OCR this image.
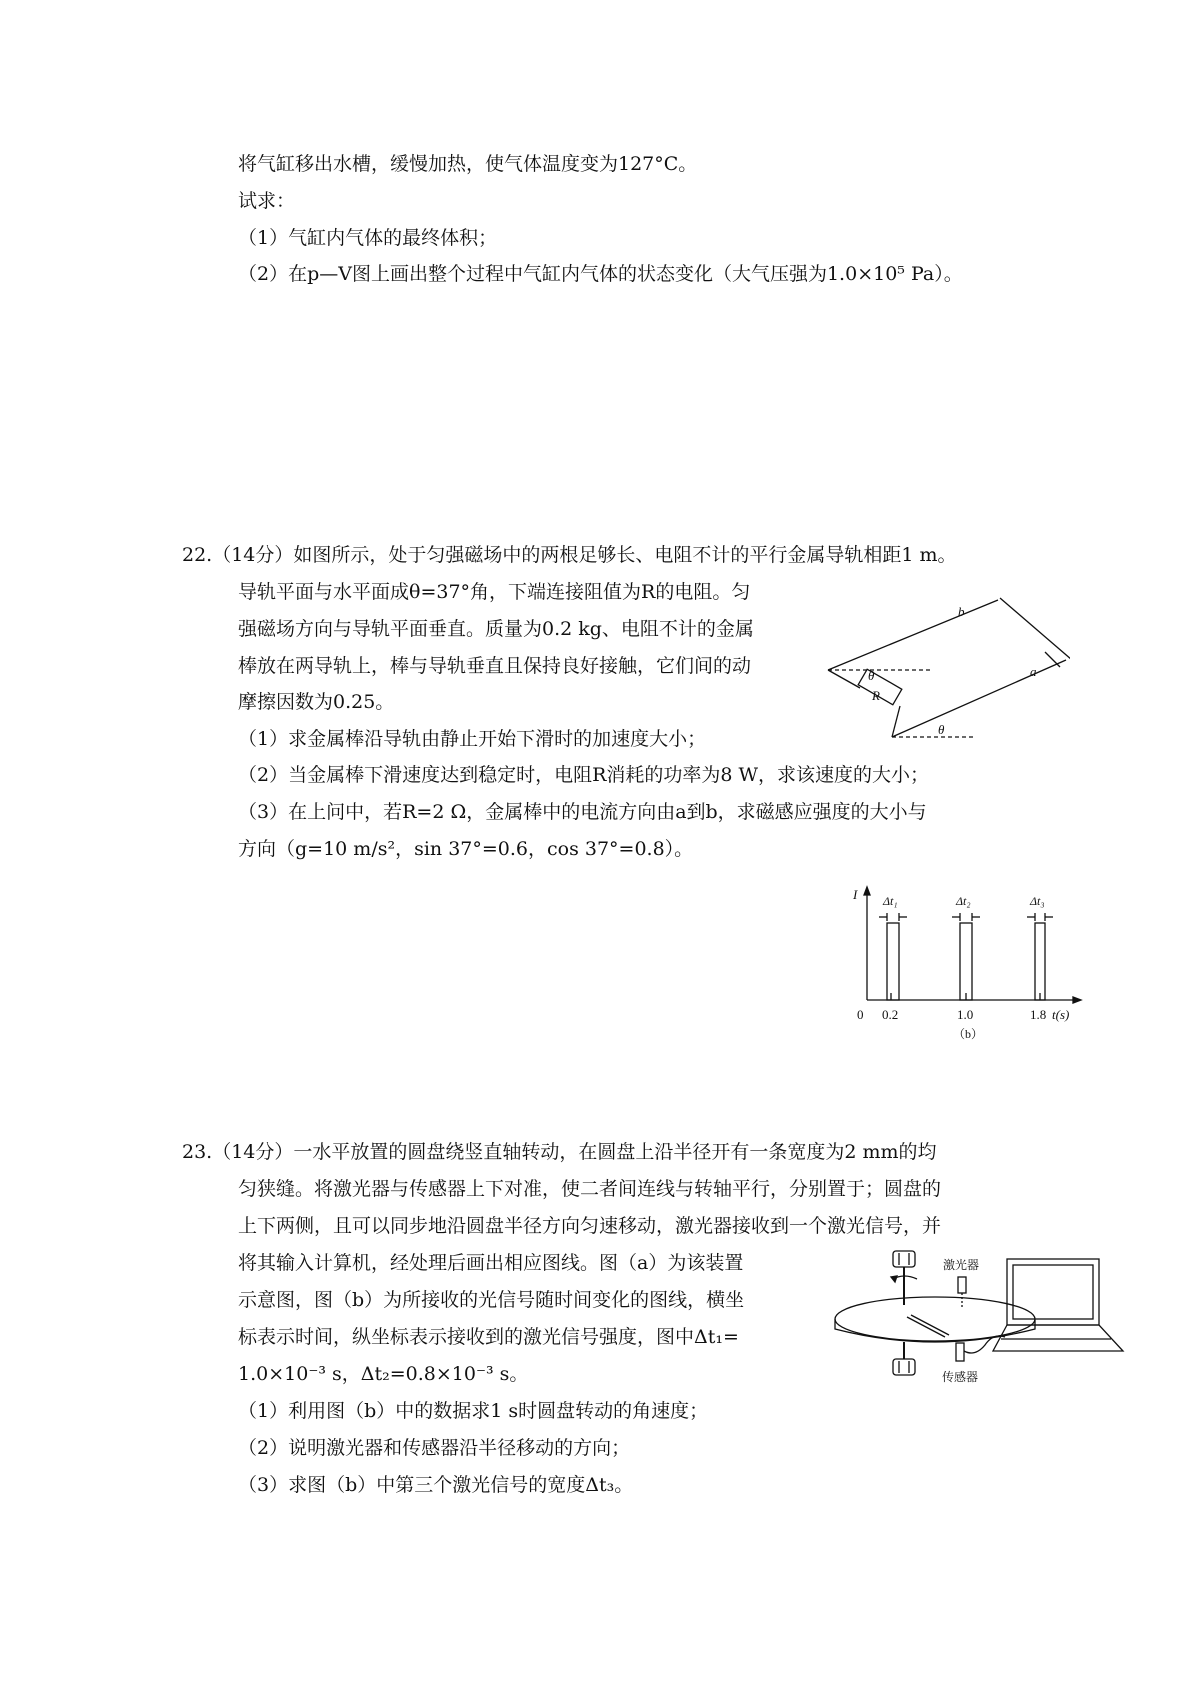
将气缸移出水槽，缓慢加热，使气体温度变为127°C。
试求：
（1）气缸内气体的最终体积；
（2）在p—V图上画出整个过程中气缸内气体的状态变化（大气压强为1.0×10⁵ Pa）。
22.（14分）如图所示，处于匀强磁场中的两根足够长、电阻不计的平行金属导轨相距1 m。
导轨平面与水平面成θ=37°角，下端连接阻值为R的电阻。匀
强磁场方向与导轨平面垂直。质量为0.2 kg、电阻不计的金属
棒放在两导轨上，棒与导轨垂直且保持良好接触，它们间的动
摩擦因数为0.25。
（1）求金属棒沿导轨由静止开始下滑时的加速度大小；
（2）当金属棒下滑速度达到稳定时，电阻R消耗的功率为8 W，求该速度的大小；
（3）在上问中，若R=2 Ω，金属棒中的电流方向由a到b，求磁感应强度的大小与
方向（g=10 m/s²，sin 37°=0.6，cos 37°=0.8）。
b
a
θ
R
θ
I Δt₁	Δt₂	Δt₃
0 0.2	1.0	1.8 t(s)
（b）
23.（14分）一水平放置的圆盘绕竖直轴转动，在圆盘上沿半径开有一条宽度为2 mm的均
匀狭缝。将激光器与传感器上下对准，使二者间连线与转轴平行，分别置于；圆盘的
上下两侧，且可以同步地沿圆盘半径方向匀速移动，激光器接收到一个激光信号，并
将其输入计算机，经处理后画出相应图线。图（a）为该装置
示意图，图（b）为所接收的光信号随时间变化的图线，横坐
标表示时间，纵坐标表示接收到的激光信号强度，图中Δt₁=
1.0×10⁻³ s，Δt₂=0.8×10⁻³ s。
（1）利用图（b）中的数据求1 s时圆盘转动的角速度；
（2）说明激光器和传感器沿半径移动的方向；
（3）求图（b）中第三个激光信号的宽度Δt₃。
激光器
传感器
